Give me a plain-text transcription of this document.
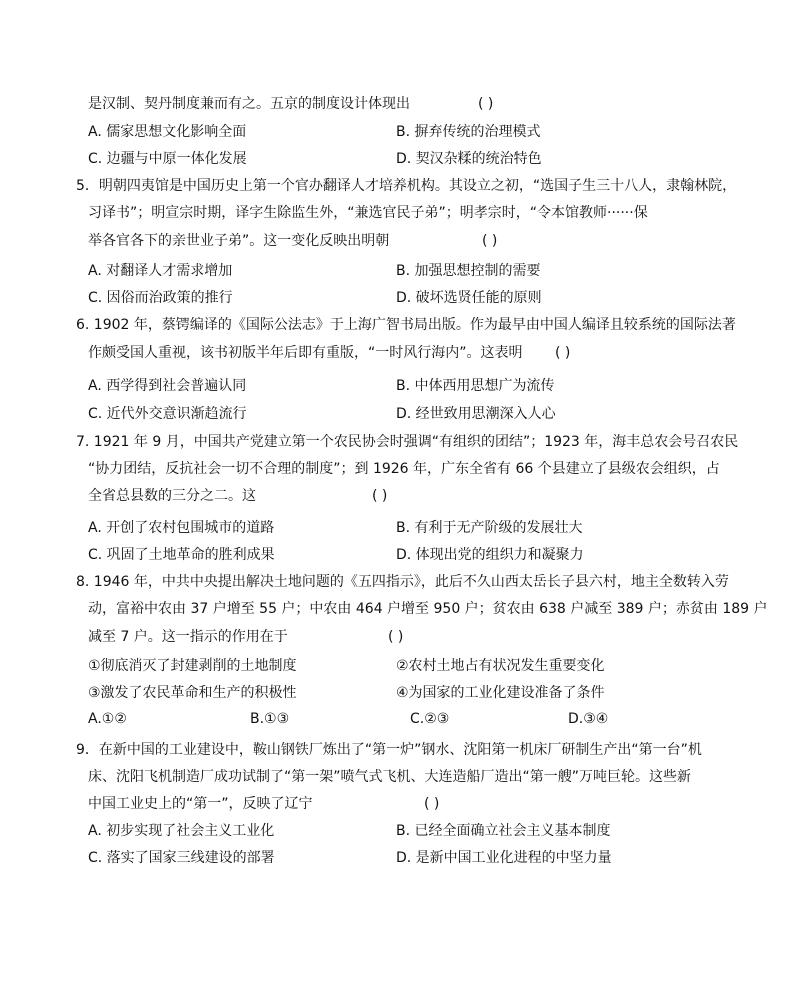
是汉制、契丹制度兼而有之。五京的制度设计体现出	( )
A. 儒家思想文化影响全面	B. 摒弃传统的治理模式
C. 边疆与中原一体化发展	D. 契汉杂糅的统治特色
5．明朝四夷馆是中国历史上第一个官办翻译人才培养机构。其设立之初，“选国子生三十八人，隶翰林院，
习译书”；明宣宗时期，译字生除监生外，“兼选官民子弟”；明孝宗时，“令本馆教师······保
举各官各下的亲世业子弟”。这一变化反映出明朝	( )
A. 对翻译人才需求增加	B. 加强思想控制的需要
C. 因俗而治政策的推行	D. 破坏选贤任能的原则
6. 1902 年，蔡锷编译的《国际公法志》于上海广智书局出版。作为最早由中国人编译且较系统的国际法著
作颇受国人重视，该书初版半年后即有重版，“一时风行海内”。这表明 ( )
A. 西学得到社会普遍认同	B. 中体西用思想广为流传
C. 近代外交意识渐趋流行	D. 经世致用思潮深入人心
7. 1921 年 9 月，中国共产党建立第一个农民协会时强调“有组织的团结”；1923 年，海丰总农会号召农民
“协力团结，反抗社会一切不合理的制度”；到 1926 年，广东全省有 66 个县建立了县级农会组织，占
全省总县数的三分之二。这	( )
A. 开创了农村包围城市的道路	B. 有利于无产阶级的发展壮大
C. 巩固了土地革命的胜利成果	D. 体现出党的组织力和凝聚力
8. 1946 年，中共中央提出解决土地问题的《五四指示》，此后不久山西太岳长子县六村，地主全数转入劳
动，富裕中农由 37 户增至 55 户；中农由 464 户增至 950 户；贫农由 638 户减至 389 户；赤贫由 189 户
减至 7 户。这一指示的作用在于	( )
①彻底消灭了封建剥削的土地制度	②农村土地占有状况发生重要变化
③激发了农民革命和生产的积极性	④为国家的工业化建设准备了条件
A.①②	B.①③	C.②③	D.③④
9．在新中国的工业建设中，鞍山钢铁厂炼出了“第一炉”钢水、沈阳第一机床厂研制生产出“第一台”机
床、沈阳飞机制造厂成功试制了“第一架”喷气式飞机、大连造船厂造出“第一艘”万吨巨轮。这些新
中国工业史上的“第一”，反映了辽宁	( )
A. 初步实现了社会主义工业化	B. 已经全面确立社会主义基本制度
C. 落实了国家三线建设的部署	D. 是新中国工业化进程的中坚力量
